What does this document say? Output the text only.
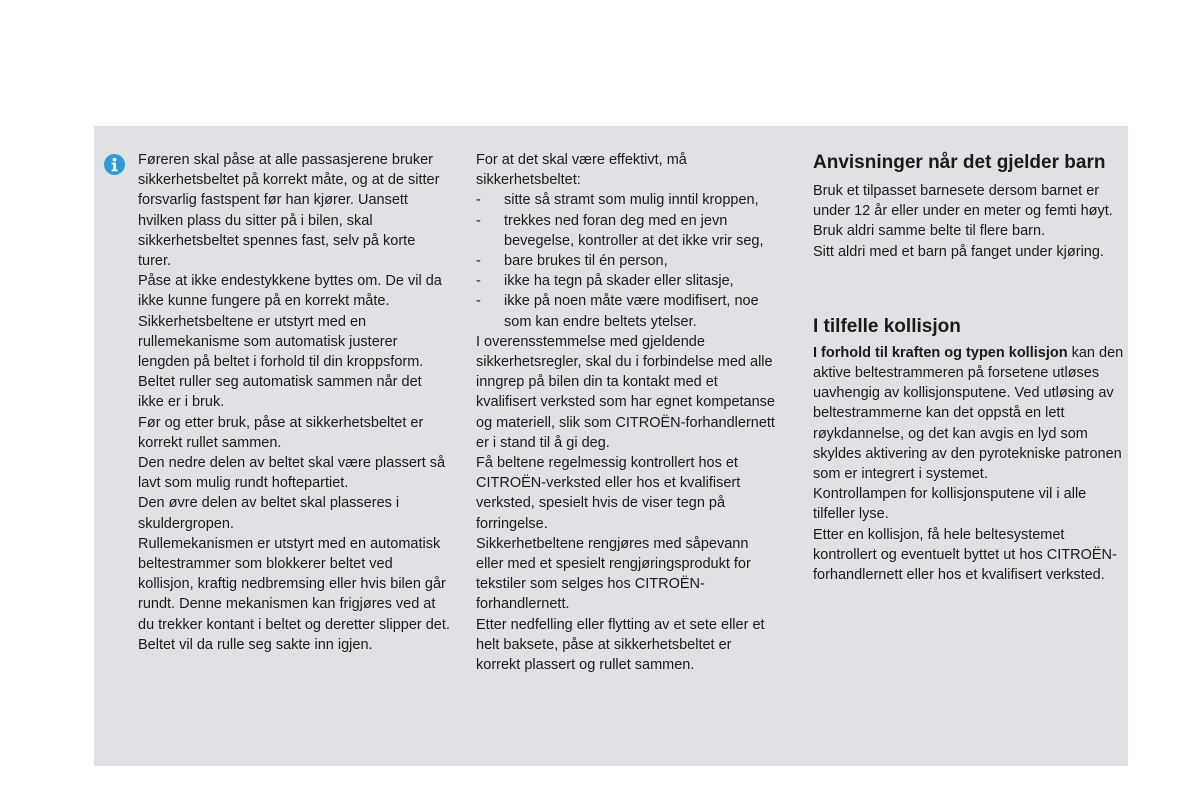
Føreren skal påse at alle passasjerene bruker sikkerhetsbeltet på korrekt måte, og at de sitter forsvarlig fastspent før han kjører. Uansett hvilken plass du sitter på i bilen, skal sikkerhetsbeltet spennes fast, selv på korte turer.

Påse at ikke endestykkene byttes om. De vil da ikke kunne fungere på en korrekt måte.

Sikkerhetsbeltene er utstyrt med en rullemekanisme som automatisk justerer lengden på beltet i forhold til din kroppsform. Beltet ruller seg automatisk sammen når det ikke er i bruk.

Før og etter bruk, påse at sikkerhetsbeltet er korrekt rullet sammen.

Den nedre delen av beltet skal være plassert så lavt som mulig rundt hoftepartiet.

Den øvre delen av beltet skal plasseres i skuldergropen.

Rullemekanismen er utstyrt med en automatisk beltestrammer som blokkerer beltet ved kollisjon, kraftig nedbremsing eller hvis bilen går rundt. Denne mekanismen kan frigjøres ved at du trekker kontant i beltet og deretter slipper det. Beltet vil da rulle seg sakte inn igjen.

For at det skal være effektivt, må sikkerhetsbeltet:

- sitte så stramt som mulig inntil kroppen,
- trekkes ned foran deg med en jevn bevegelse, kontroller at det ikke vrir seg,
- bare brukes til én person,
- ikke ha tegn på skader eller slitasje,
- ikke på noen måte være modifisert, noe som kan endre beltets ytelser.

I overensstemmelse med gjeldende sikkerhetsregler, skal du i forbindelse med alle inngrep på bilen din ta kontakt med et kvalifisert verksted som har egnet kompetanse og materiell, slik som CITROËN-forhandlernett er i stand til å gi deg.

Få beltene regelmessig kontrollert hos et CITROËN-verksted eller hos et kvalifisert verksted, spesielt hvis de viser tegn på forringelse.

Sikkerhetbeltene rengjøres med såpevann eller med et spesielt rengjøringsprodukt for tekstiler som selges hos CITROËN-forhandlernett.

Etter nedfelling eller flytting av et sete eller et helt baksete, påse at sikkerhetsbeltet er korrekt plassert og rullet sammen.

Anvisninger når det gjelder barn

Bruk et tilpasset barnesete dersom barnet er under 12 år eller under en meter og femti høyt.

Bruk aldri samme belte til flere barn.

Sitt aldri med et barn på fanget under kjøring.

I tilfelle kollisjon

I forhold til kraften og typen kollisjon kan den aktive beltestrammeren på forsetene utløses uavhengig av kollisjonsputene. Ved utløsing av beltestrammerne kan det oppstå en lett røykdannelse, og det kan avgis en lyd som skyldes aktivering av den pyrotekniske patronen som er integrert i systemet.

Kontrollampen for kollisjonsputene vil i alle tilfeller lyse.

Etter en kollisjon, få hele beltesystemet kontrollert og eventuelt byttet ut hos CITROËN-forhandlernett eller hos et kvalifisert verksted.
